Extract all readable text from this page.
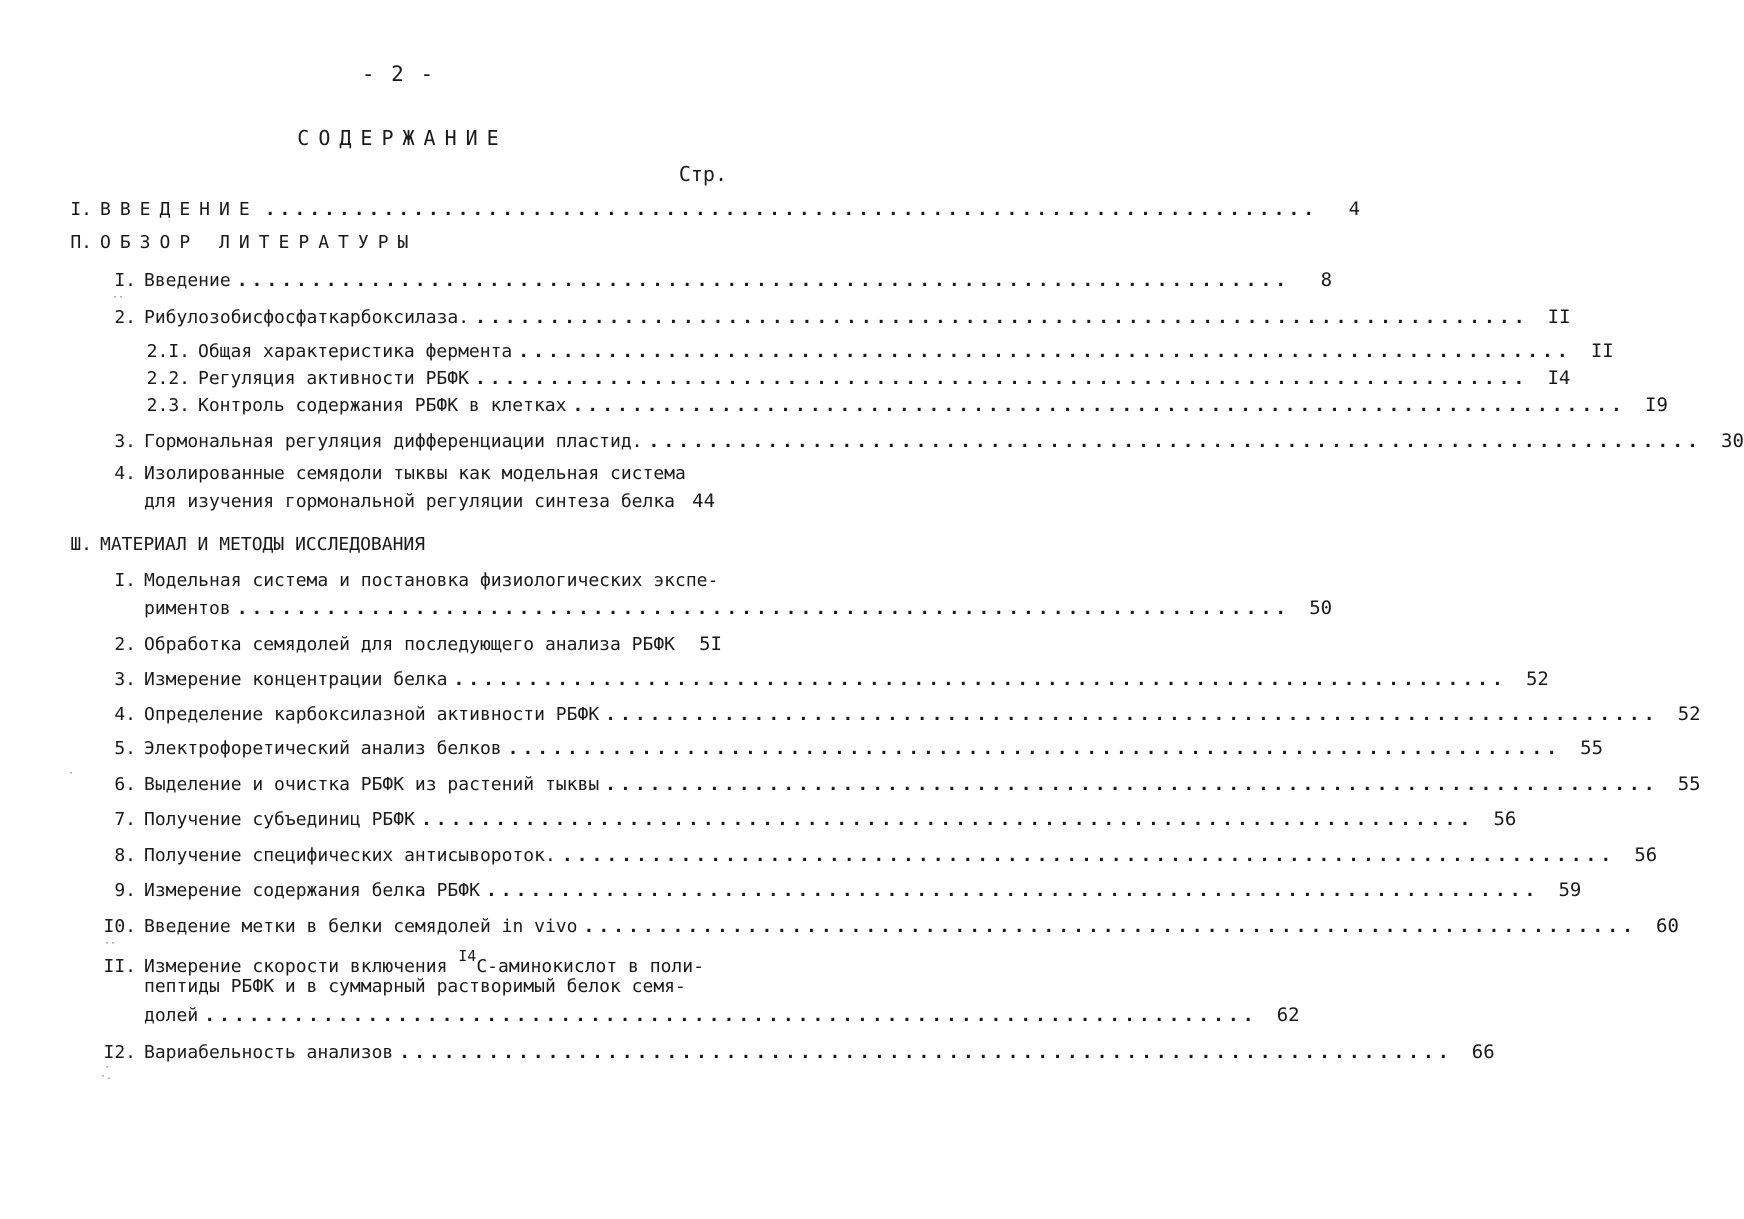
- 2 -
СОДЕРЖАНИЕ
Стр.
I. ВВЕДЕНИЕ .......................................................................	4
П. ОБЗОР ЛИТЕРАТУРЫ
I. Введение .......................................................................	8
2. Рибулозобисфосфаткарбоксилаза. .......................................................................	II
2.I. Общая характеристика фермента .......................................................................	II
2.2. Регуляция активности РБФК .......................................................................	I4
2.3. Контроль содержания РБФК в клетках .......................................................................	I9
3. Гормональная регуляция дифференциации пластид. .......................................................................	30
4. Изолированные семядоли тыквы как модельная система
для изучения гормональной регуляции синтеза белка 44
Ш. МАТЕРИАЛ И МЕТОДЫ ИССЛЕДОВАНИЯ
I. Модельная система и постановка физиологических экспе-
риментов .......................................................................	50
2. Обработка семядолей для последующего анализа РБФК	5I
3. Измерение концентрации белка .......................................................................	52
4. Определение карбоксилазной активности РБФК .......................................................................	52
5. Электрофоретический анализ белков .......................................................................	55
6. Выделение и очистка РБФК из растений тыквы .......................................................................	55
7. Получение субъединиц РБФК .......................................................................	56
8. Получение специфических антисывороток. .......................................................................	56
9. Измерение содержания белка РБФК .......................................................................	59
I0. Введение метки в белки семядолей in vivo .......................................................................	60
II. Измерение скорости включения $^{I4}$С-аминокислот в поли-
пептиды РБФК и в суммарный растворимый белок семя-
долей .......................................................................	62
I2. Вариабельность анализов .......................................................................	66
··
·
·.
·
··
